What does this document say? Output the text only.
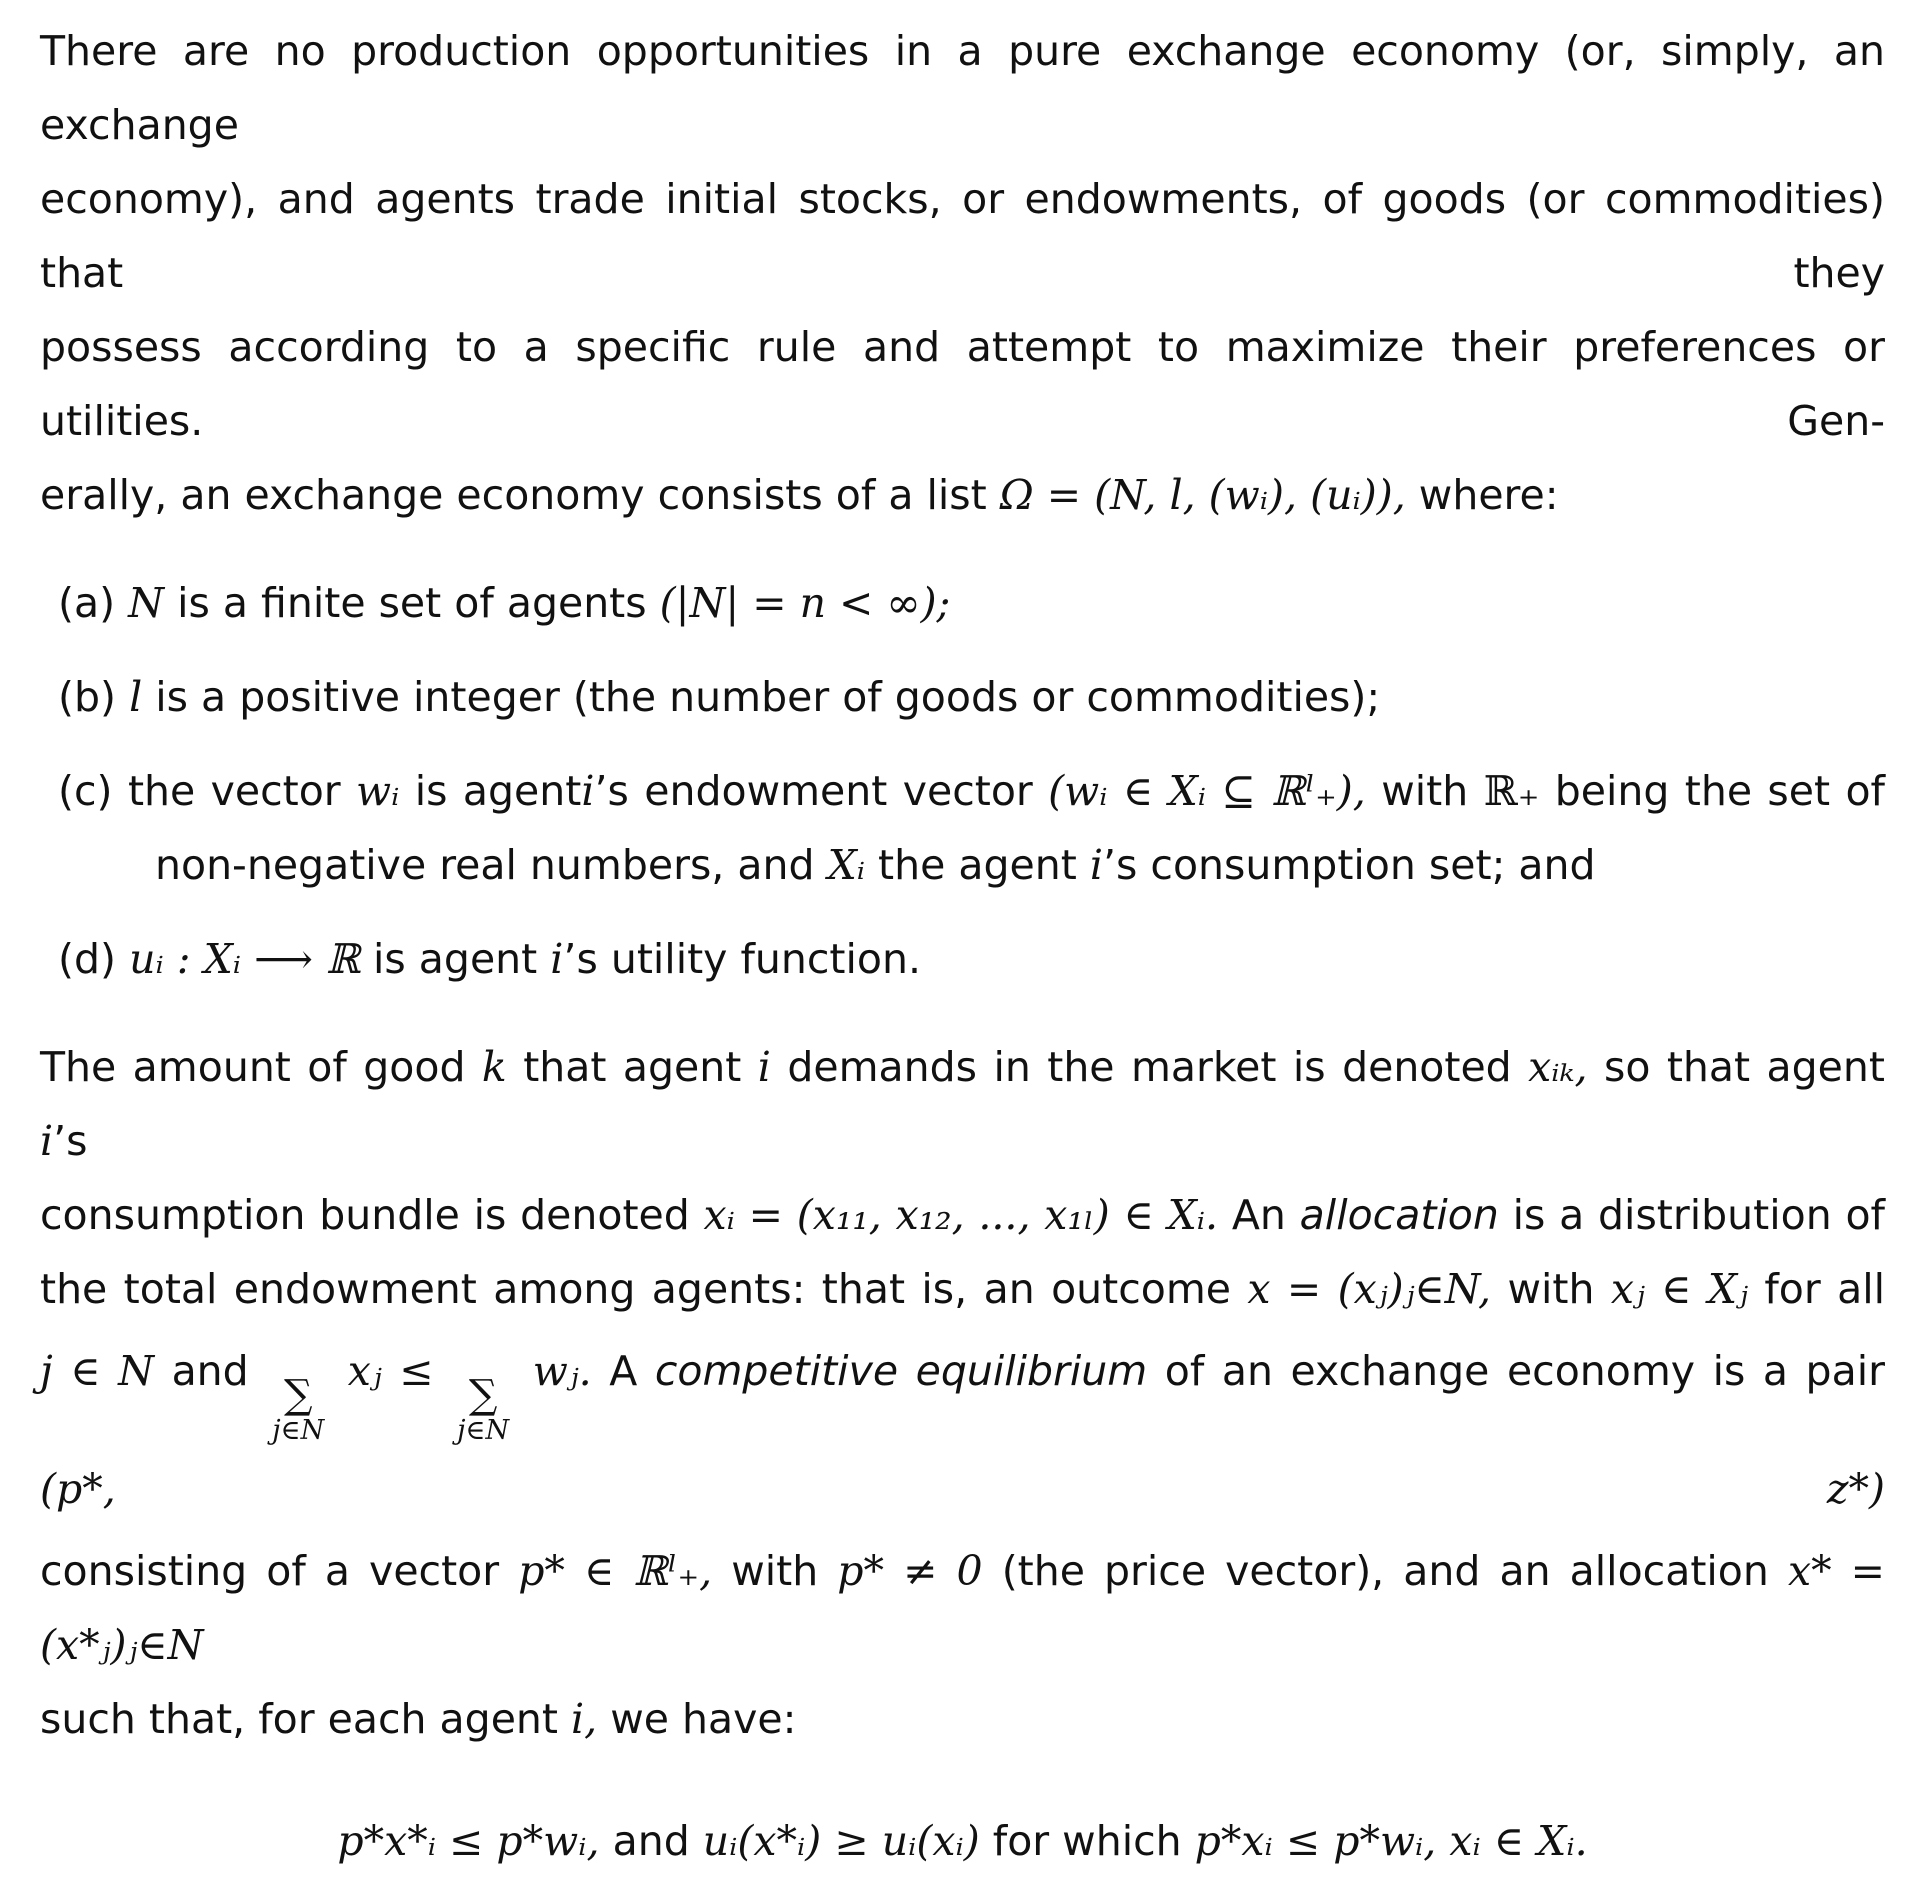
There are no production opportunities in a pure exchange economy (or, simply, an exchange
economy), and agents trade initial stocks, or endowments, of goods (or commodities) that they
possess according to a specific rule and attempt to maximize their preferences or utilities. Gen-
erally, an exchange economy consists of a list Ω = (N, l, (wᵢ), (uᵢ)), where:

(a) N is a finite set of agents (|N| = n < ∞);
(b) l is a positive integer (the number of goods or commodities);
(c) the vector wᵢ is agenti’s endowment vector (wᵢ ∈ Xᵢ ⊆ ℝˡ₊), with ℝ₊ being the set of
non-negative real numbers, and Xᵢ the agent i’s consumption set; and
(d) uᵢ : Xᵢ ⟶ ℝ is agent i’s utility function.
The amount of good k that agent i demands in the market is denoted xᵢₖ, so that agent i’s
consumption bundle is denoted xᵢ = (x₁₁, x₁₂, ..., x₁ₗ) ∈ Xᵢ. An allocation is a distribution of
the total endowment among agents: that is, an outcome x = (xⱼ)ⱼ∈N, with xⱼ ∈ Xⱼ for all
j ∈ N and ∑
j∈N
xⱼ ≤ ∑
j∈N
wⱼ. A competitive equilibrium of an exchange economy is a pair (p*, z*)
consisting of a vector p* ∈ ℝˡ₊, with p* ≠ 0 (the price vector), and an allocation x* = (x*ⱼ)ⱼ∈N
such that, for each agent i, we have:
p*x*ᵢ ≤ p*wᵢ, and uᵢ(x*ᵢ) ≥ uᵢ(xᵢ) for which p*xᵢ ≤ p*wᵢ, xᵢ ∈ Xᵢ.
